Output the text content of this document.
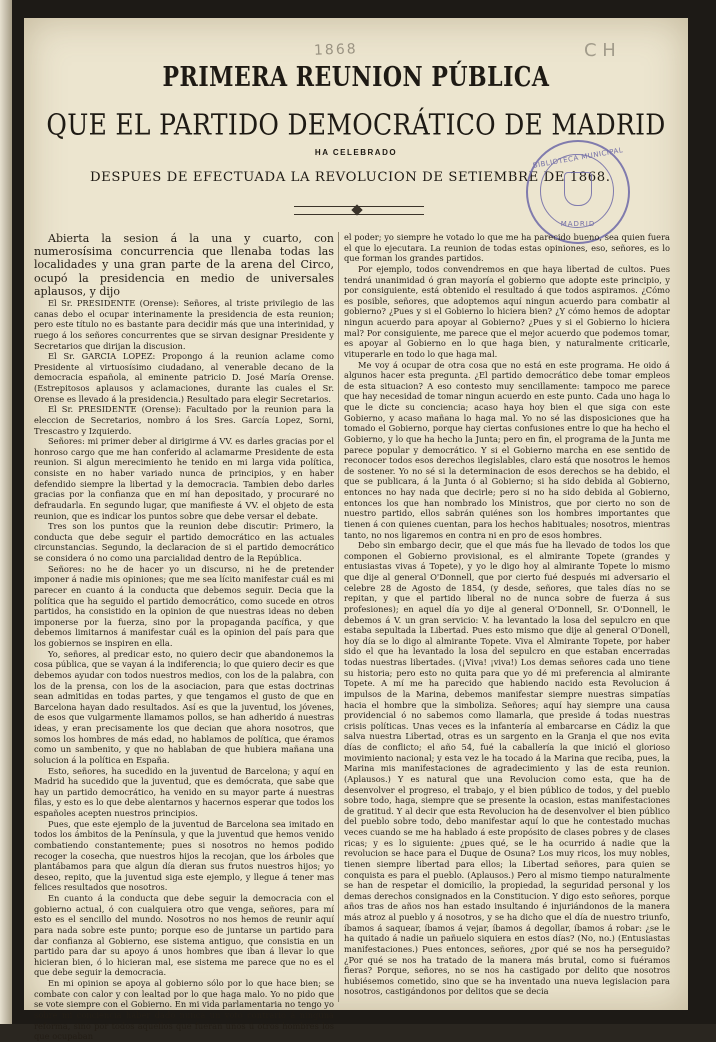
1868	C H
PRIMERA REUNION PÚBLICA
QUE EL PARTIDO DEMOCRÁTICO DE MADRID
HA CELEBRADO
DESPUES DE EFECTUADA LA REVOLUCION DE SETIEMBRE DE 1868.
BIBLIOTECA MUNICIPAL
MADRID

Abierta la sesion á la una y cuarto, con numerosísima concurrencia que llenaba todas las localidades y una gran parte de la arena del Circo, ocupó la presidencia en medio de universales aplausos, y dijo

El Sr. PRESIDENTE (Orense): Señores, al triste privilegio de las canas debo el ocupar interinamente la presidencia de esta reunion; pero este título no es bastante para decidir más que una interinidad, y ruego á los señores concurrentes que se sirvan designar Presidente y Secretarios que dirijan la discusion.

El Sr. GARCIA LOPEZ: Propongo á la reunion aclame como Presidente al virtuosísimo ciudadano, al venerable decano de la democracia española, al eminente patricio D. José María Orense. (Estrepitosos aplausos y aclamaciones, durante las cuales el Sr. Orense es llevado á la presidencia.) Resultado para elegir Secretarios.

El Sr. PRESIDENTE (Orense): Facultado por la reunion para la eleccion de Secretarios, nombro á los Sres. García Lopez, Sorni, Trescastro y Izquierdo.

Señores: mi primer deber al dirigirme á VV. es darles gracias por el honroso cargo que me han conferido al aclamarme Presidente de esta reunion. Si algun merecimiento he tenido en mi larga vida política, consiste en no haber variado nunca de principios, y en haber defendido siempre la libertad y la democracia. Tambien debo darles gracias por la confianza que en mí han depositado, y procuraré no defraudarla. En segundo lugar, que manifieste á VV. el objeto de esta reunion, que es indicar los puntos sobre que debe versar el debate.

Tres son los puntos que la reunion debe discutir: Primero, la conducta que debe seguir el partido democrático en las actuales circunstancias. Segundo, la declaracion de si el partido democrático se considera ó no como una parcialidad dentro de la República.

Señores: no he de hacer yo un discurso, ni he de pretender imponer á nadie mis opiniones; que me sea lícito manifestar cuál es mi parecer en cuanto á la conducta que debemos seguir. Decia que la política que ha seguido el partido democrático, como sucede en otros partidos, ha consistido en la opinion de que nuestras ideas no deben imponerse por la fuerza, sino por la propaganda pacífica, y que debemos limitarnos á manifestar cuál es la opinion del país para que los gobiernos se inspiren en ella.

Yo, señores, al predicar esto, no quiero decir que abandonemos la cosa pública, que se vayan á la indiferencia; lo que quiero decir es que debemos ayudar con todos nuestros medios, con los de la palabra, con los de la prensa, con los de la asociacion, para que estas doctrinas sean admitidas en todas partes, y que tengamos el gusto de que en Barcelona hayan dado resultados. Así es que la juventud, los jóvenes, de esos que vulgarmente llamamos pollos, se han adherido á nuestras ideas, y eran precisamente los que decian que ahora nosotros, que somos los hombres de más edad, no hablamos de política, que éramos como un sambenito, y que no hablaban de que hubiera mañana una solucion á la política en España.

Esto, señores, ha sucedido en la juventud de Barcelona; y aquí en Madrid ha sucedido que la juventud, que es demócrata, que sabe que hay un partido democrático, ha venido en su mayor parte á nuestras filas, y esto es lo que debe alentarnos y hacernos esperar que todos los españoles acepten nuestros principios.

Pues, que este ejemplo de la juventud de Barcelona sea imitado en todos los ámbitos de la Península, y que la juventud que hemos venido combatiendo constantemente; pues si nosotros no hemos podido recoger la cosecha, que nuestros hijos la recojan, que los árboles que plantábamos para que algun día dieran sus frutos nuestros hijos; yo deseo, repito, que la juventud siga este ejemplo, y llegue á tener mas felices resultados que nosotros.

En cuanto á la conducta que debe seguir la democracia con el gobierno actual, ó con cualquiera otro que venga, señores, para mí esto es el sencillo del mundo. Nosotros no nos hemos de reunir aquí para nada sobre este punto; porque eso de juntarse un partido para dar confianza al Gobierno, ese sistema antiguo, que consistia en un partido para dar su apoyo á unos hombres que iban á llevar lo que hicieran bien, ó lo hicieran mal, ese sistema me parece que no es el que debe seguir la democracia.

En mi opinion se apoya al gobierno sólo por lo que hace bien; se combate con calor y con lealtad por lo que haga malo. Yo no pido que se vote siempre con el Gobierno. En mi vida parlamentaria no tengo yo sobre mi conciencia haber dado nunca un voto contrario á ninguna reforma, sino por todos aquellos que fueran unos ú otros hombres los que ocupaban

el poder; yo siempre he votado lo que me ha parecido bueno, sea quien fuera el que lo ejecutara. La reunion de todas estas opiniones, eso, señores, es lo que forman los grandes partidos.

Por ejemplo, todos convendremos en que haya libertad de cultos. Pues tendrá unanimidad ó gran mayoría el gobierno que adopte este principio, y por consiguiente, está obtenido el resultado á que todos aspiramos. ¿Cómo es posible, señores, que adoptemos aquí ningun acuerdo para combatir al gobierno? ¿Pues y si el Gobierno lo hiciera bien? ¿Y cómo hemos de adoptar ningun acuerdo para apoyar al Gobierno? ¿Pues y si el Gobierno lo hiciera mal? Por consiguiente, me parece que el mejor acuerdo que podemos tomar, es apoyar al Gobierno en lo que haga bien, y naturalmente criticarle, vituperarle en todo lo que haga mal.

Me voy á ocupar de otra cosa que no está en este programa. He oido á algunos hacer esta pregunta. ¿El partido democrático debe tomar empleos de esta situacion? A eso contesto muy sencillamente: tampoco me parece que hay necesidad de tomar ningun acuerdo en este punto. Cada uno haga lo que le dicte su conciencia; acaso haya hoy bien el que siga con este Gobierno, y acaso mañana lo haga mal. Yo no sé las disposiciones que ha tomado el Gobierno, porque hay ciertas confusiones entre lo que ha hecho el Gobierno, y lo que ha hecho la Junta; pero en fin, el programa de la Junta me parece popular y democrático. Y si el Gobierno marcha en ese sentido de reconocer todos esos derechos ilegislables, claro está que nosotros le hemos de sostener. Yo no sé si la determinacion de esos derechos se ha debido, el que se publicara, á la Junta ó al Gobierno; si ha sido debida al Gobierno, entonces no hay nada que decirle; pero si no ha sido debida al Gobierno, entonces los que han nombrado los Ministros, que por cierto no son de nuestro partido, ellos sabrán quiénes son los hombres importantes que tienen á con quienes cuentan, para los hechos habituales; nosotros, mientras tanto, no nos ligaremos en contra ni en pro de esos hombres.

Debo sin embargo decir, que el que más fue ha llevado de todos los que componen el Gobierno provisional, es el almirante Topete (grandes y entusiastas vivas á Topete), y yo le digo hoy al almirante Topete lo mismo que dije al general O'Donnell, que por cierto fué después mi adversario el celebre 28 de Agosto de 1854, (y desde, señores, que tales días no se repitan, y que el partido liberal no de nunca sobre de fuerza á sus profesiones); en aquel día yo dije al general O'Donnell, Sr. O'Donnell, le debemos á V. un gran servicio: V. ha levantado la losa del sepulcro en que estaba sepultada la Libertad. Pues esto mismo que dije al general O'Donell, hoy día se lo digo al almirante Topete. Viva el Almirante Topete, por haber sido el que ha levantado la losa del sepulcro en que estaban encerradas todas nuestras libertades. (¡Viva! ¡viva!) Los demas señores cada uno tiene su historia; pero esto no quita para que yo dé mi preferencia al almirante Topete. A mí me ha parecido que habiendo nacido esta Revolucion á impulsos de la Marina, debemos manifestar siempre nuestras simpatías hacia el hombre que la simboliza. Señores; aquí hay siempre una causa providencial ó no sabemos como llamarla, que preside á todas nuestras crisis políticas. Unas veces es la infantería al embarcarse en Cádiz la que salva nuestra Libertad, otras es un sargento en la Granja el que nos evita días de conflicto; el año 54, fué la caballería la que inició el glorioso movimiento nacional; y esta vez le ha tocado á la Marina que reciba, pues, la Marina mis manifestaciones de agradecimiento y las de esta reunion. (Aplausos.) Y es natural que una Revolucion como esta, que ha de desenvolver el progreso, el trabajo, y el bien público de todos, y del pueblo sobre todo, haga, siempre que se presente la ocasion, estas manifestaciones de gratitud. Y al decir que esta Revolucion ha de desenvolver el bien público del pueblo sobre todo, debo manifestar aquí lo que he contestado muchas veces cuando se me ha hablado á este propósito de clases pobres y de clases ricas; y es lo siguiente: ¿pues qué, se le ha ocurrido á nadie que la revolucion se hace para el Duque de Osuna? Los muy ricos, los muy nobles, tienen siempre libertad para ellos; la Libertad señores, para quien se conquista es para el pueblo. (Aplausos.) Pero al mismo tiempo naturalmente se han de respetar el domicilio, la propiedad, la seguridad personal y los demas derechos consignados en la Constitucion. Y digo esto señores, porque años tras de años nos han estado insultando é injuriándonos de la manera más atroz al pueblo y á nosotros, y se ha dicho que el día de nuestro triunfo, íbamos á saquear, íbamos á vejar, íbamos á degollar, íbamos á robar: ¿se le ha quitado á nadie un pañuelo siquiera en estos días? (No, no.) (Entusiastas manifestaciones.) Pues entonces, señores, ¿por qué se nos ha perseguido? ¿Por qué se nos ha tratado de la manera más brutal, como si fuéramos fieras? Porque, señores, no se nos ha castigado por delito que nosotros hubiésemos cometido, sino que se ha inventado una nueva legislacion para nosotros, castigándonos por delitos que se decia
